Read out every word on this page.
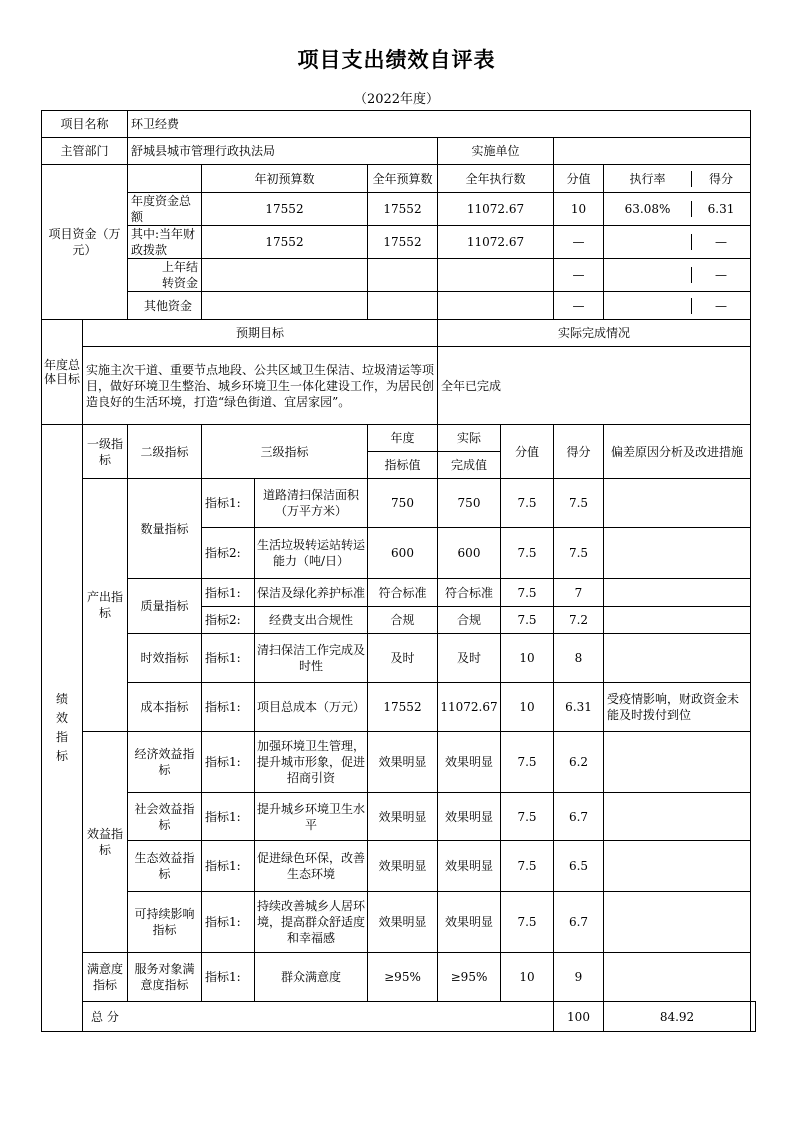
项目支出绩效自评表
（2022年度）
项目名称		环卫经费								
主管部门		舒城县城市管理行政执法局				实施单位				
项目资金（万元）			年初预算数		全年预算数	全年执行数		分值	执行率 得分	

		年度资金总额	17552		17552	11072.67		10	63.08% 6.31	

		其中:当年财政拨款	17552		17552	11072.67		—	—	

		上年结转资金						—	—	

		其他资金						—	—	

年度总体目标	预期目标					实际完成情况				
	实施主次干道、重要节点地段、公共区域卫生保洁、垃圾清运等项目，做好环境卫生整治、城乡环境卫生一体化建设工作，为居民创造良好的生活环境，打造“绿色街道、宜居家园”。					全年已完成				

绩效指标	一级指标	二级指标	三级指标		年度	实际	分值	得分	偏差原因分析及改进措施	
					指标值	完成值				
	产出指标	数量指标	指标1:	道路清扫保洁面积（万平方米）	750	750	7.5	7.5		
			指标2:	生活垃圾转运站转运能力（吨/日）	600	600	7.5	7.5		
		质量指标	指标1:	保洁及绿化养护标准	符合标准	符合标准	7.5	7		
			指标2:	经费支出合规性	合规	合规	7.5	7.2		
		时效指标	指标1:	清扫保洁工作完成及时性	及时	及时	10	8		
		成本指标	指标1:	项目总成本（万元）	17552	11072.67	10	6.31	受疫情影响，财政资金未能及时拨付到位	
	效益指标	经济效益指标	指标1:	加强环境卫生管理，提升城市形象，促进招商引资	效果明显	效果明显	7.5	6.2		
		社会效益指标	指标1:	提升城乡环境卫生水平	效果明显	效果明显	7.5	6.7		
		生态效益指标	指标1:	促进绿色环保，改善生态环境	效果明显	效果明显	7.5	6.5		
		可持续影响指标	指标1:	持续改善城乡人居环境，提高群众舒适度和幸福感	效果明显	效果明显	7.5	6.7		
	满意度指标	服务对象满意度指标	指标1:	群众满意度	≥95%	≥95%	10	9		
	总 分							100	84.92	
